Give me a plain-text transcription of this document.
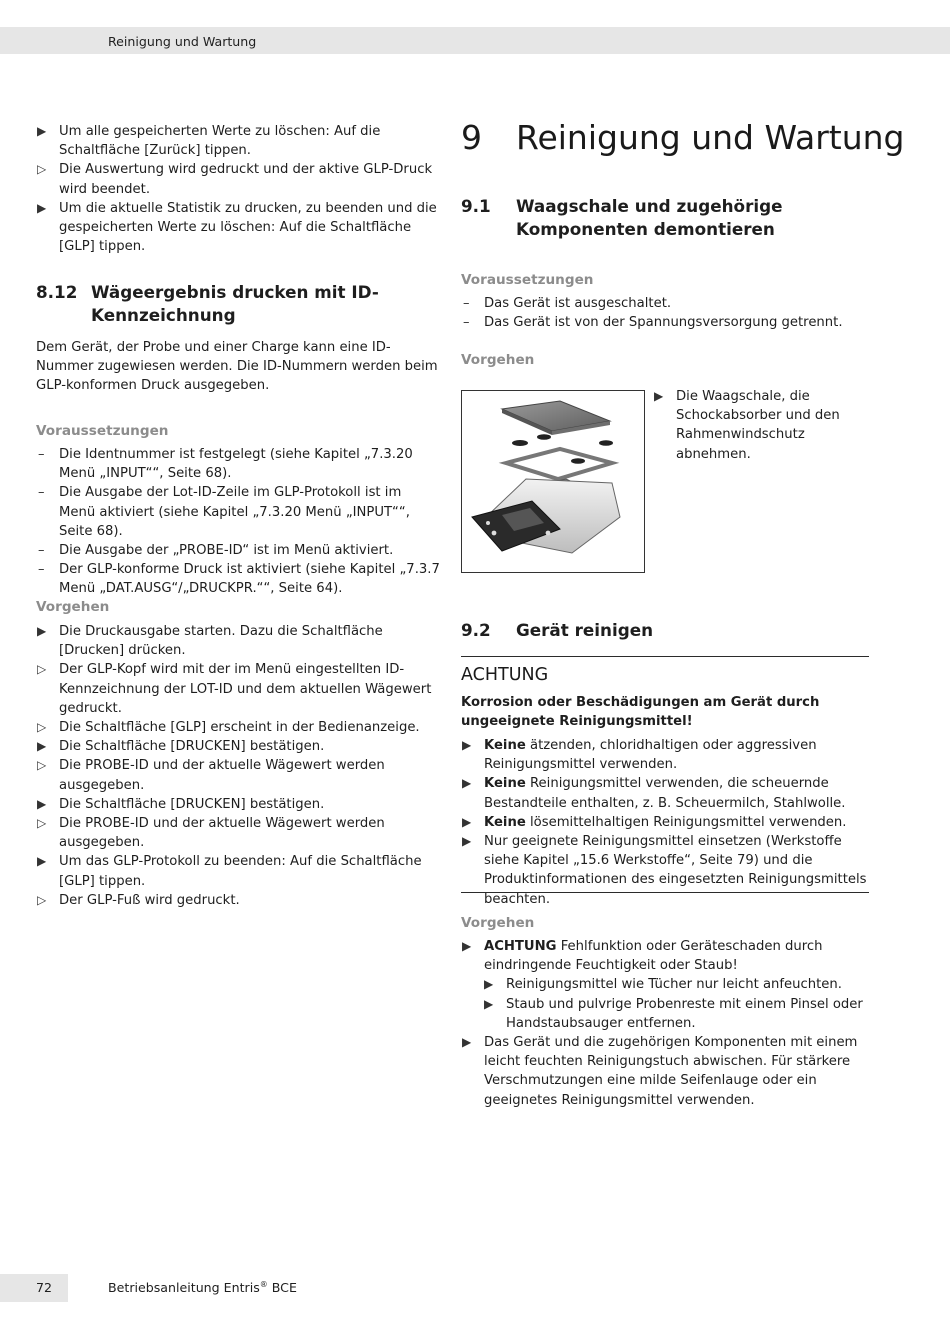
Reinigung und Wartung
▶ Um alle gespeicherten Werte zu löschen: Auf die Schaltfläche [Zurück] tippen.
▷ Die Auswertung wird gedruckt und der aktive GLP-Druck wird beendet.
▶ Um die aktuelle Statistik zu drucken, zu beenden und die gespeicherten Werte zu löschen: Auf die Schaltfläche [GLP] tippen.
8.12 Wägeergebnis drucken mit ID-Kennzeichnung
Dem Gerät, der Probe und einer Charge kann eine ID-Nummer zugewiesen werden. Die ID-Nummern werden beim GLP-konformen Druck ausgegeben.
Voraussetzungen
–	Die Identnummer ist festgelegt (siehe Kapitel „7.3.20 Menü „INPUT““, Seite 68).
–	Die Ausgabe der Lot-ID-Zeile im GLP-Protokoll ist im Menü aktiviert (siehe Kapitel „7.3.20 Menü „INPUT““, Seite 68).
–	Die Ausgabe der „PROBE-ID“ ist im Menü aktiviert.
–	Der GLP-konforme Druck ist aktiviert (siehe Kapitel „7.3.7 Menü „DAT.AUSG“/„DRUCKPR.““, Seite 64).
Vorgehen
▶ Die Druckausgabe starten. Dazu die Schaltfläche [Drucken] drücken.
▷ Der GLP-Kopf wird mit der im Menü eingestellten ID-Kennzeichnung der LOT-ID und dem aktuellen Wägewert gedruckt.
▷ Die Schaltfläche [GLP] erscheint in der Bedienanzeige.
▶ Die Schaltfläche [DRUCKEN] bestätigen.
▷ Die PROBE-ID und der aktuelle Wägewert werden ausgegeben.
▶ Die Schaltfläche [DRUCKEN] bestätigen.
▷ Die PROBE-ID und der aktuelle Wägewert werden ausgegeben.
▶ Um das GLP-Protokoll zu beenden: Auf die Schaltfläche [GLP] tippen.
▷ Der GLP-Fuß wird gedruckt.
9 Reinigung und Wartung
9.1	Waagschale und zugehörige Komponenten demontieren
Voraussetzungen
–	Das Gerät ist ausgeschaltet.
–	Das Gerät ist von der Spannungsversorgung getrennt.
Vorgehen
▶ Die Waagschale, die Schockabsorber und den Rahmenwindschutz abnehmen.
9.2	Gerät reinigen
ACHTUNG
Korrosion oder Beschädigungen am Gerät durch ungeeignete Reinigungsmittel!
▶ Keine ätzenden, chloridhaltigen oder aggressiven Reinigungsmittel verwenden.
▶ Keine Reinigungsmittel verwenden, die scheuernde Bestandteile enthalten, z. B. Scheuermilch, Stahlwolle.
▶ Keine lösemittelhaltigen Reinigungsmittel verwenden.
▶ Nur geeignete Reinigungsmittel einsetzen (Werkstoffe siehe Kapitel „15.6 Werkstoffe“, Seite 79) und die Produktinformationen des eingesetzten Reinigungsmittels beachten.
Vorgehen
▶ ACHTUNG Fehlfunktion oder Geräteschaden durch eindringende Feuchtigkeit oder Staub!
▶ Reinigungsmittel wie Tücher nur leicht anfeuchten.
▶ Staub und pulvrige Probenreste mit einem Pinsel oder Handstaubsauger entfernen.
▶ Das Gerät und die zugehörigen Komponenten mit einem leicht feuchten Reinigungstuch abwischen. Für stärkere Verschmutzungen eine milde Seifenlauge oder ein geeignetes Reinigungsmittel verwenden.
72	Betriebsanleitung Entris® BCE
